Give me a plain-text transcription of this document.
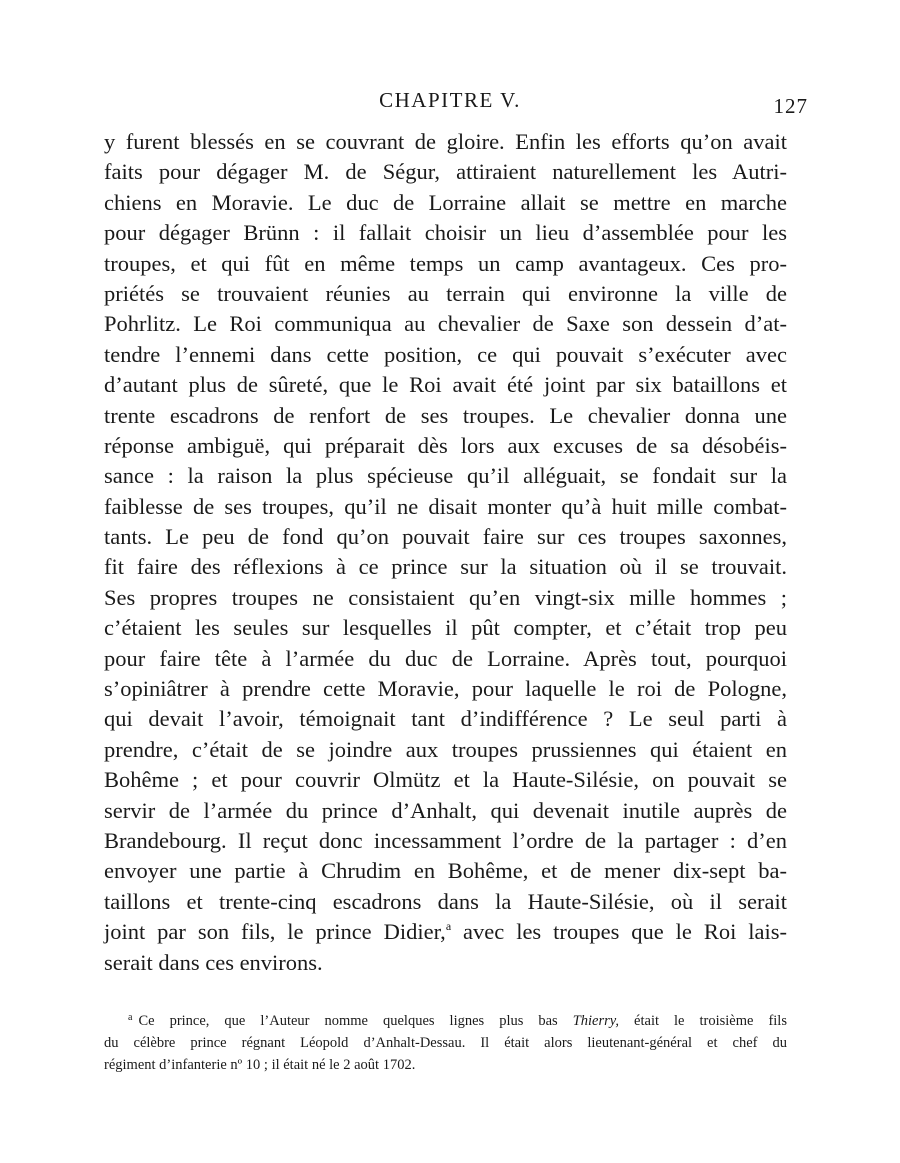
CHAPITRE V.	127
y furent blessés en se couvrant de gloire. Enfin les efforts qu’on avait
faits pour dégager M. de Ségur, attiraient naturellement les Autri-
chiens en Moravie. Le duc de Lorraine allait se mettre en marche
pour dégager Brünn : il fallait choisir un lieu d’assemblée pour les
troupes, et qui fût en même temps un camp avantageux. Ces pro-
priétés se trouvaient réunies au terrain qui environne la ville de
Pohrlitz. Le Roi communiqua au chevalier de Saxe son dessein d’at-
tendre l’ennemi dans cette position, ce qui pouvait s’exécuter avec
d’autant plus de sûreté, que le Roi avait été joint par six bataillons et
trente escadrons de renfort de ses troupes. Le chevalier donna une
réponse ambiguë, qui préparait dès lors aux excuses de sa désobéis-
sance : la raison la plus spécieuse qu’il alléguait, se fondait sur la
faiblesse de ses troupes, qu’il ne disait monter qu’à huit mille combat-
tants. Le peu de fond qu’on pouvait faire sur ces troupes saxonnes,
fit faire des réflexions à ce prince sur la situation où il se trouvait.
Ses propres troupes ne consistaient qu’en vingt-six mille hommes ;
c’étaient les seules sur lesquelles il pût compter, et c’était trop peu
pour faire tête à l’armée du duc de Lorraine. Après tout, pourquoi
s’opiniâtrer à prendre cette Moravie, pour laquelle le roi de Pologne,
qui devait l’avoir, témoignait tant d’indifférence ? Le seul parti à
prendre, c’était de se joindre aux troupes prussiennes qui étaient en
Bohême ; et pour couvrir Olmütz et la Haute-Silésie, on pouvait se
servir de l’armée du prince d’Anhalt, qui devenait inutile auprès de
Brandebourg. Il reçut donc incessamment l’ordre de la partager : d’en
envoyer une partie à Chrudim en Bohême, et de mener dix-sept ba-
taillons et trente-cinq escadrons dans la Haute-Silésie, où il serait
joint par son fils, le prince Didier,$^a$ avec les troupes que le Roi lais-
serait dans ces environs.
$^a$ Ce prince, que l’Auteur nomme quelques lignes plus bas Thierry, était le troisième fils
du célèbre prince régnant Léopold d’Anhalt-Dessau. Il était alors lieutenant-général et chef du
régiment d’infanterie nº 10 ; il était né le 2 août 1702.
